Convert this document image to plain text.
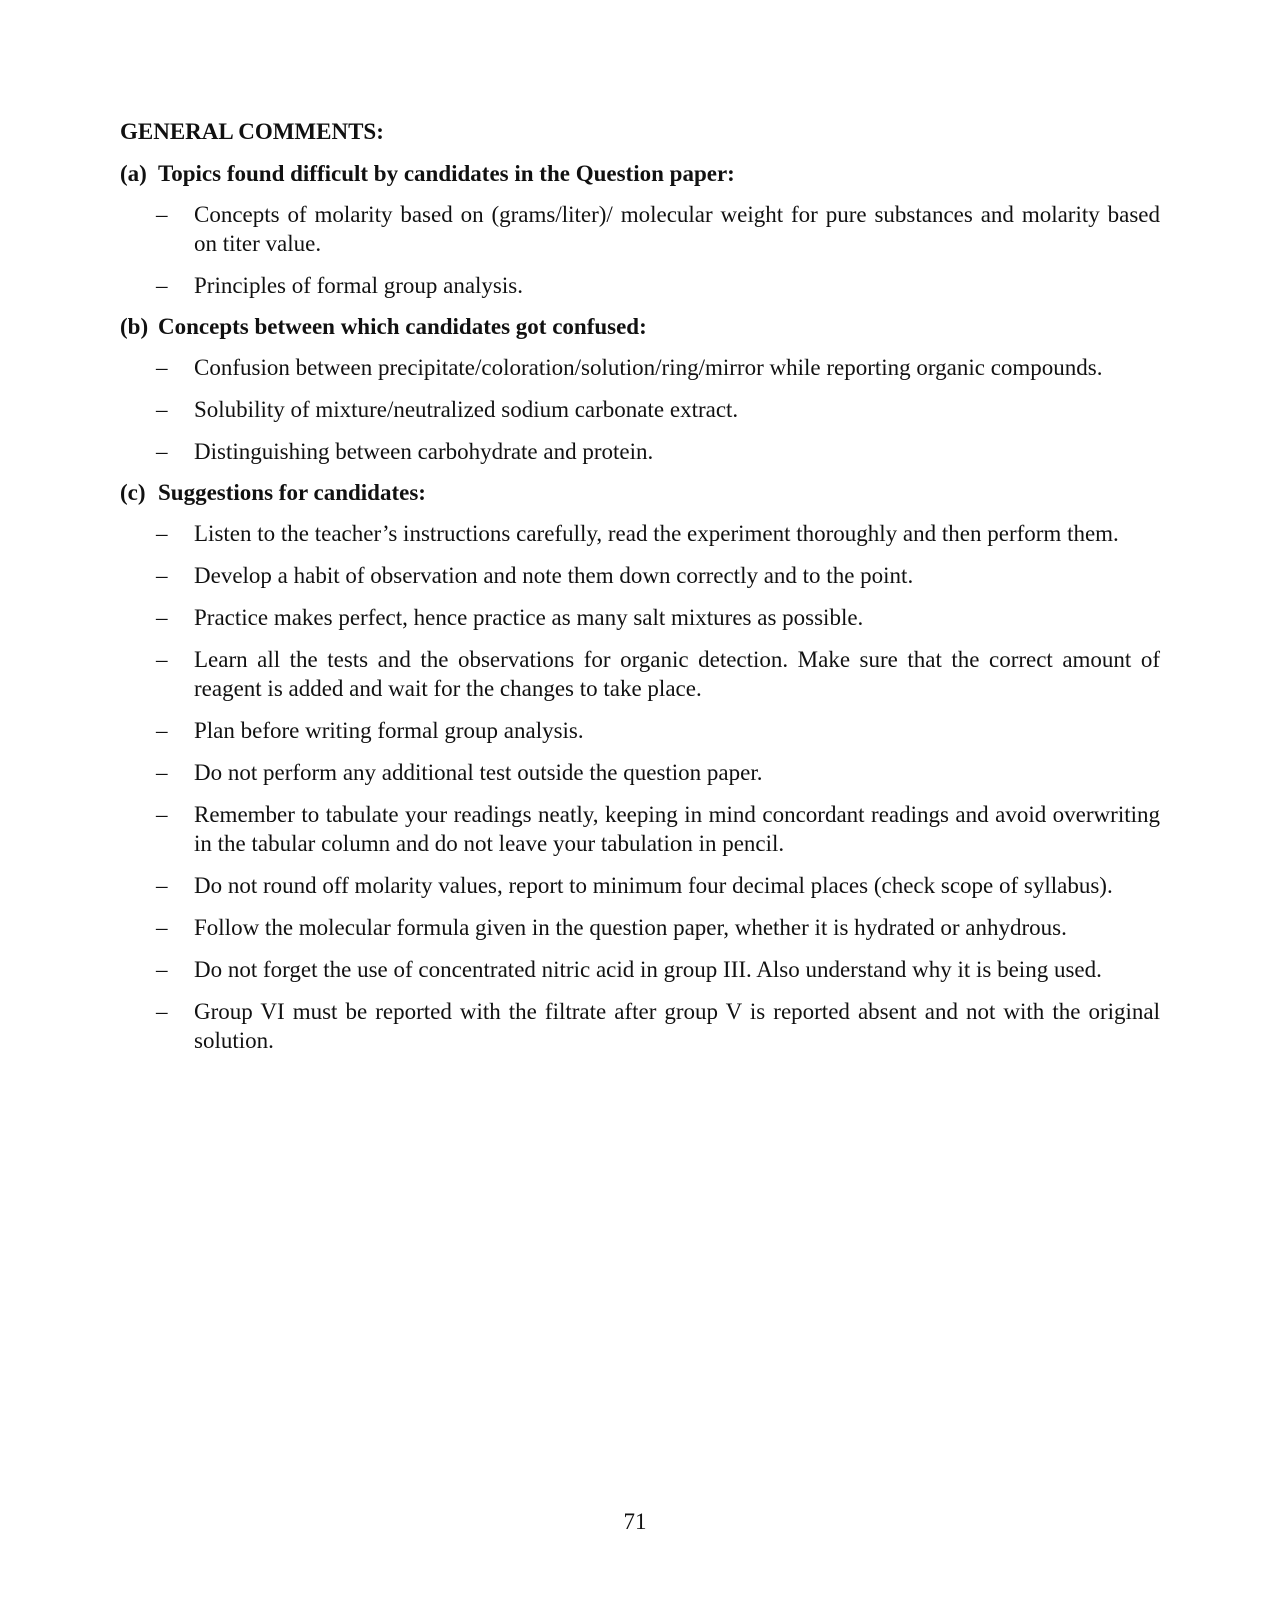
GENERAL COMMENTS:
(a) Topics found difficult by candidates in the Question paper:
–	Concepts of molarity based on (grams/liter)/ molecular weight for pure substances and molarity based on titer value.
–	Principles of formal group analysis.
(b) Concepts between which candidates got confused:
–	Confusion between precipitate/coloration/solution/ring/mirror while reporting organic compounds.
–	Solubility of mixture/neutralized sodium carbonate extract.
–	Distinguishing between carbohydrate and protein.
(c) Suggestions for candidates:
–	Listen to the teacher’s instructions carefully, read the experiment thoroughly and then perform them.
–	Develop a habit of observation and note them down correctly and to the point.
–	Practice makes perfect, hence practice as many salt mixtures as possible.
–	Learn all the tests and the observations for organic detection. Make sure that the correct amount of reagent is added and wait for the changes to take place.
–	Plan before writing formal group analysis.
–	Do not perform any additional test outside the question paper.
–	Remember to tabulate your readings neatly, keeping in mind concordant readings and avoid overwriting in the tabular column and do not leave your tabulation in pencil.
–	Do not round off molarity values, report to minimum four decimal places (check scope of syllabus).
–	Follow the molecular formula given in the question paper, whether it is hydrated or anhydrous.
–	Do not forget the use of concentrated nitric acid in group III. Also understand why it is being used.
–	Group VI must be reported with the filtrate after group V is reported absent and not with the original solution.
71
